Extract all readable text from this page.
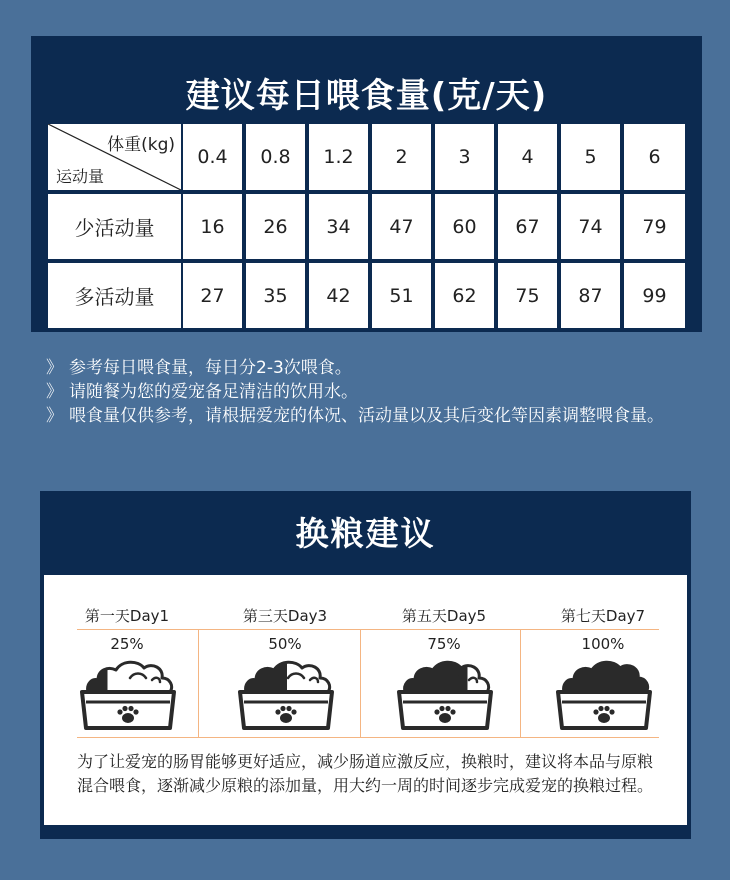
建议每日喂食量(克/天)
体重(kg)
运动量
0.4	0.8	1.2	2	3	4	5	6
少活动量	16	26	34	47	60	67	74	79
多活动量	27	35	42	51	62	75	87	99
》 参考每日喂食量，每日分2-3次喂食。
》 请随餐为您的爱宠备足清洁的饮用水。
》 喂食量仅供参考，请根据爱宠的体况、活动量以及其后变化等因素调整喂食量。
换粮建议
第一天Day1	第三天Day3	第五天Day5	第七天Day7
25%	50%	75%	100%
为了让爱宠的肠胃能够更好适应，减少肠道应激反应，换粮时，建议将本品与原粮混合喂食，逐渐减少原粮的添加量，用大约一周的时间逐步完成爱宠的换粮过程。
